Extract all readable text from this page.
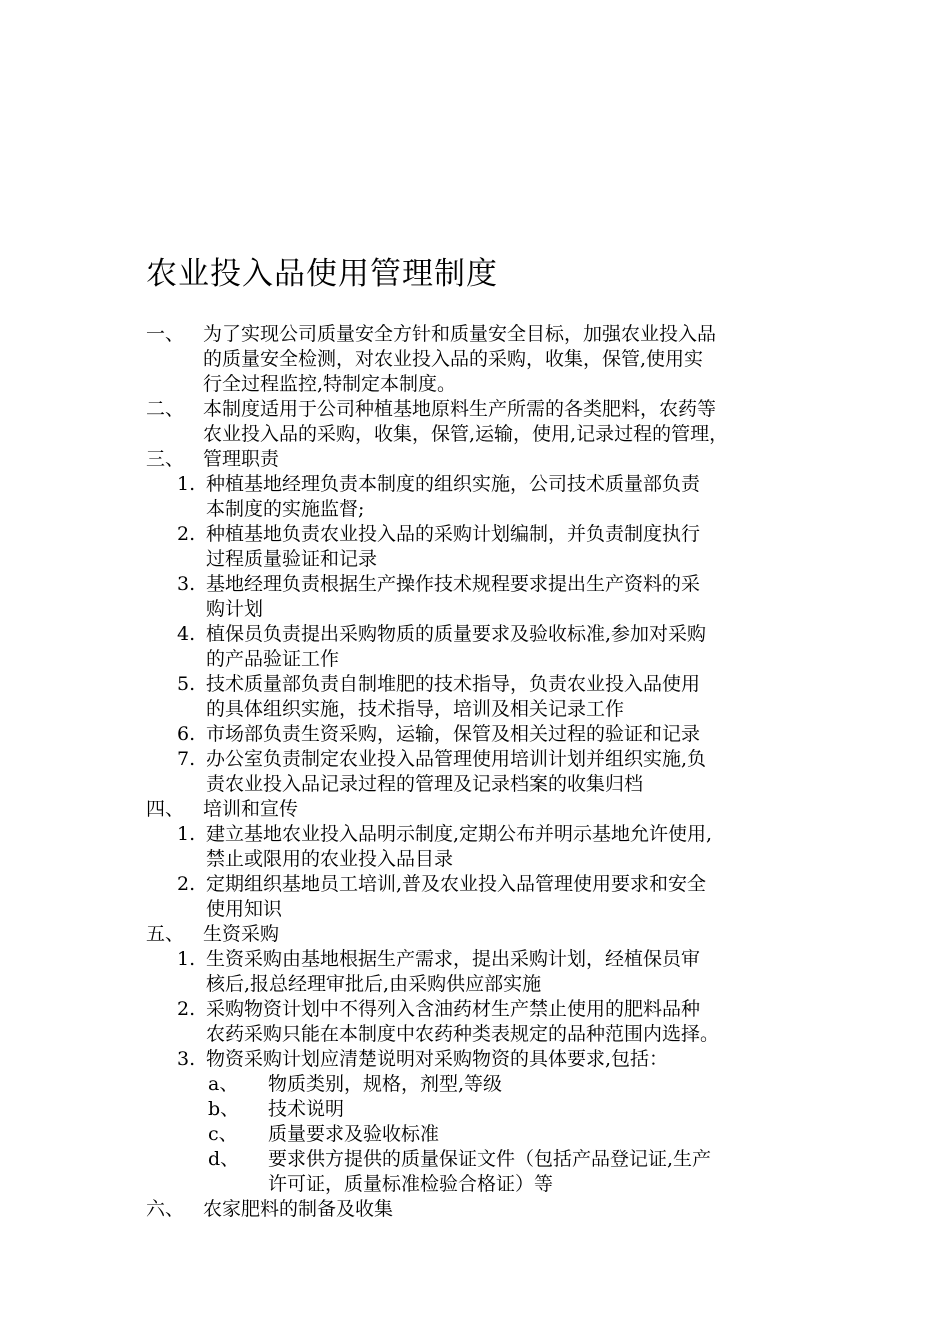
农业投入品使用管理制度
一、 为了实现公司质量安全方针和质量安全目标，加强农业投入品
的质量安全检测，对农业投入品的采购，收集，保管,使用实
行全过程监控,特制定本制度。
二、 本制度适用于公司种植基地原料生产所需的各类肥料，农药等
农业投入品的采购，收集，保管,运输，使用,记录过程的管理，
三、 管理职责
1. 种植基地经理负责本制度的组织实施，公司技术质量部负责
本制度的实施监督;
2. 种植基地负责农业投入品的采购计划编制，并负责制度执行
过程质量验证和记录
3. 基地经理负责根据生产操作技术规程要求提出生产资料的采
购计划
4. 植保员负责提出采购物质的质量要求及验收标准,参加对采购
的产品验证工作
5. 技术质量部负责自制堆肥的技术指导，负责农业投入品使用
的具体组织实施，技术指导，培训及相关记录工作
6. 市场部负责生资采购，运输，保管及相关过程的验证和记录
7. 办公室负责制定农业投入品管理使用培训计划并组织实施,负
责农业投入品记录过程的管理及记录档案的收集归档
四、 培训和宣传
1. 建立基地农业投入品明示制度,定期公布并明示基地允许使用,
禁止或限用的农业投入品目录
2. 定期组织基地员工培训,普及农业投入品管理使用要求和安全
使用知识
五、 生资采购
1. 生资采购由基地根据生产需求，提出采购计划，经植保员审
核后,报总经理审批后,由采购供应部实施
2. 采购物资计划中不得列入含油药材生产禁止使用的肥料品种
农药采购只能在本制度中农药种类表规定的品种范围内选择。
3. 物资采购计划应清楚说明对采购物资的具体要求,包括：
a、 物质类别，规格，剂型,等级
b、 技术说明
c、 质量要求及验收标准
d、 要求供方提供的质量保证文件（包括产品登记证,生产
许可证，质量标准检验合格证）等
六、 农家肥料的制备及收集
